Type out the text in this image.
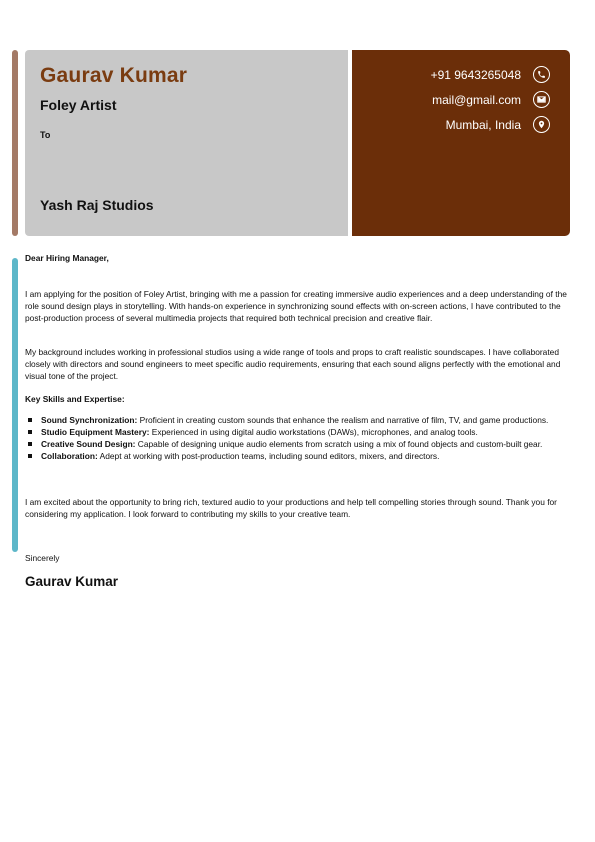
Gaurav Kumar
Foley Artist
To
Yash Raj Studios
+91 9643265048
mail@gmail.com
Mumbai, India
Dear Hiring Manager,
I am applying for the position of Foley Artist, bringing with me a passion for creating immersive audio experiences and a deep understanding of the role sound design plays in storytelling. With hands-on experience in synchronizing sound effects with on-screen actions, I have contributed to the post-production process of several multimedia projects that required both technical precision and creative flair.
My background includes working in professional studios using a wide range of tools and props to craft realistic soundscapes. I have collaborated closely with directors and sound engineers to meet specific audio requirements, ensuring that each sound aligns perfectly with the emotional and visual tone of the project.
Key Skills and Expertise:
Sound Synchronization: Proficient in creating custom sounds that enhance the realism and narrative of film, TV, and game productions.
Studio Equipment Mastery: Experienced in using digital audio workstations (DAWs), microphones, and analog tools.
Creative Sound Design: Capable of designing unique audio elements from scratch using a mix of found objects and custom-built gear.
Collaboration: Adept at working with post-production teams, including sound editors, mixers, and directors.
I am excited about the opportunity to bring rich, textured audio to your productions and help tell compelling stories through sound. Thank you for considering my application. I look forward to contributing my skills to your creative team.
Sincerely
Gaurav Kumar
